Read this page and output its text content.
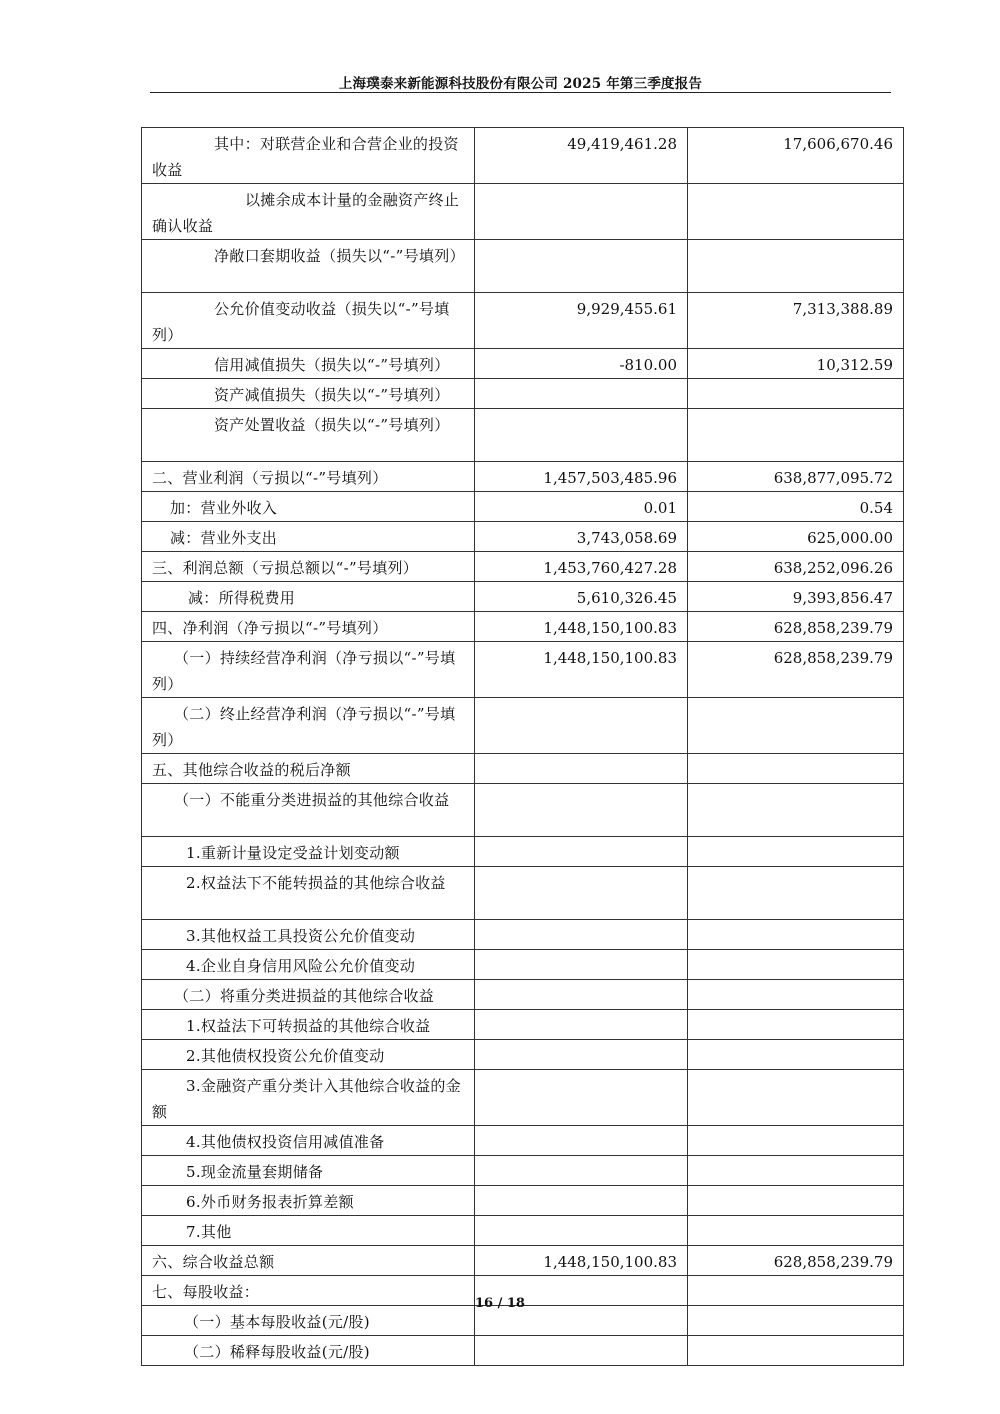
上海璞泰来新能源科技股份有限公司 2025 年第三季度报告
其中：对联营企业和合营企业的投资收益	49,419,461.28	17,606,670.46

以摊余成本计量的金融资产终止确认收益		

净敞口套期收益（损失以“-”号填列）		

公允价值变动收益（损失以“-”号填列）	9,929,455.61	7,313,388.89

信用减值损失（损失以“-”号填列）	-810.00	10,312.59

资产减值损失（损失以“-”号填列）		

资产处置收益（损失以“-”号填列）		

二、营业利润（亏损以“-”号填列）	1,457,503,485.96	638,877,095.72

加：营业外收入	0.01	0.54

减：营业外支出	3,743,058.69	625,000.00

三、利润总额（亏损总额以“-”号填列）	1,453,760,427.28	638,252,096.26

减：所得税费用	5,610,326.45	9,393,856.47

四、净利润（净亏损以“-”号填列）	1,448,150,100.83	628,858,239.79

（一）持续经营净利润（净亏损以“-”号填列）	1,448,150,100.83	628,858,239.79

（二）终止经营净利润（净亏损以“-”号填列）		

五、其他综合收益的税后净额		

（一）不能重分类进损益的其他综合收益		

1.重新计量设定受益计划变动额		

2.权益法下不能转损益的其他综合收益		

3.其他权益工具投资公允价值变动		

4.企业自身信用风险公允价值变动		

（二）将重分类进损益的其他综合收益		

1.权益法下可转损益的其他综合收益		

2.其他债权投资公允价值变动		

3.金融资产重分类计入其他综合收益的金额		

4.其他债权投资信用减值准备		

5.现金流量套期储备		

6.外币财务报表折算差额		

7.其他		

六、综合收益总额	1,448,150,100.83	628,858,239.79

七、每股收益：		

（一）基本每股收益(元/股)		

（二）稀释每股收益(元/股)		

16 / 18
